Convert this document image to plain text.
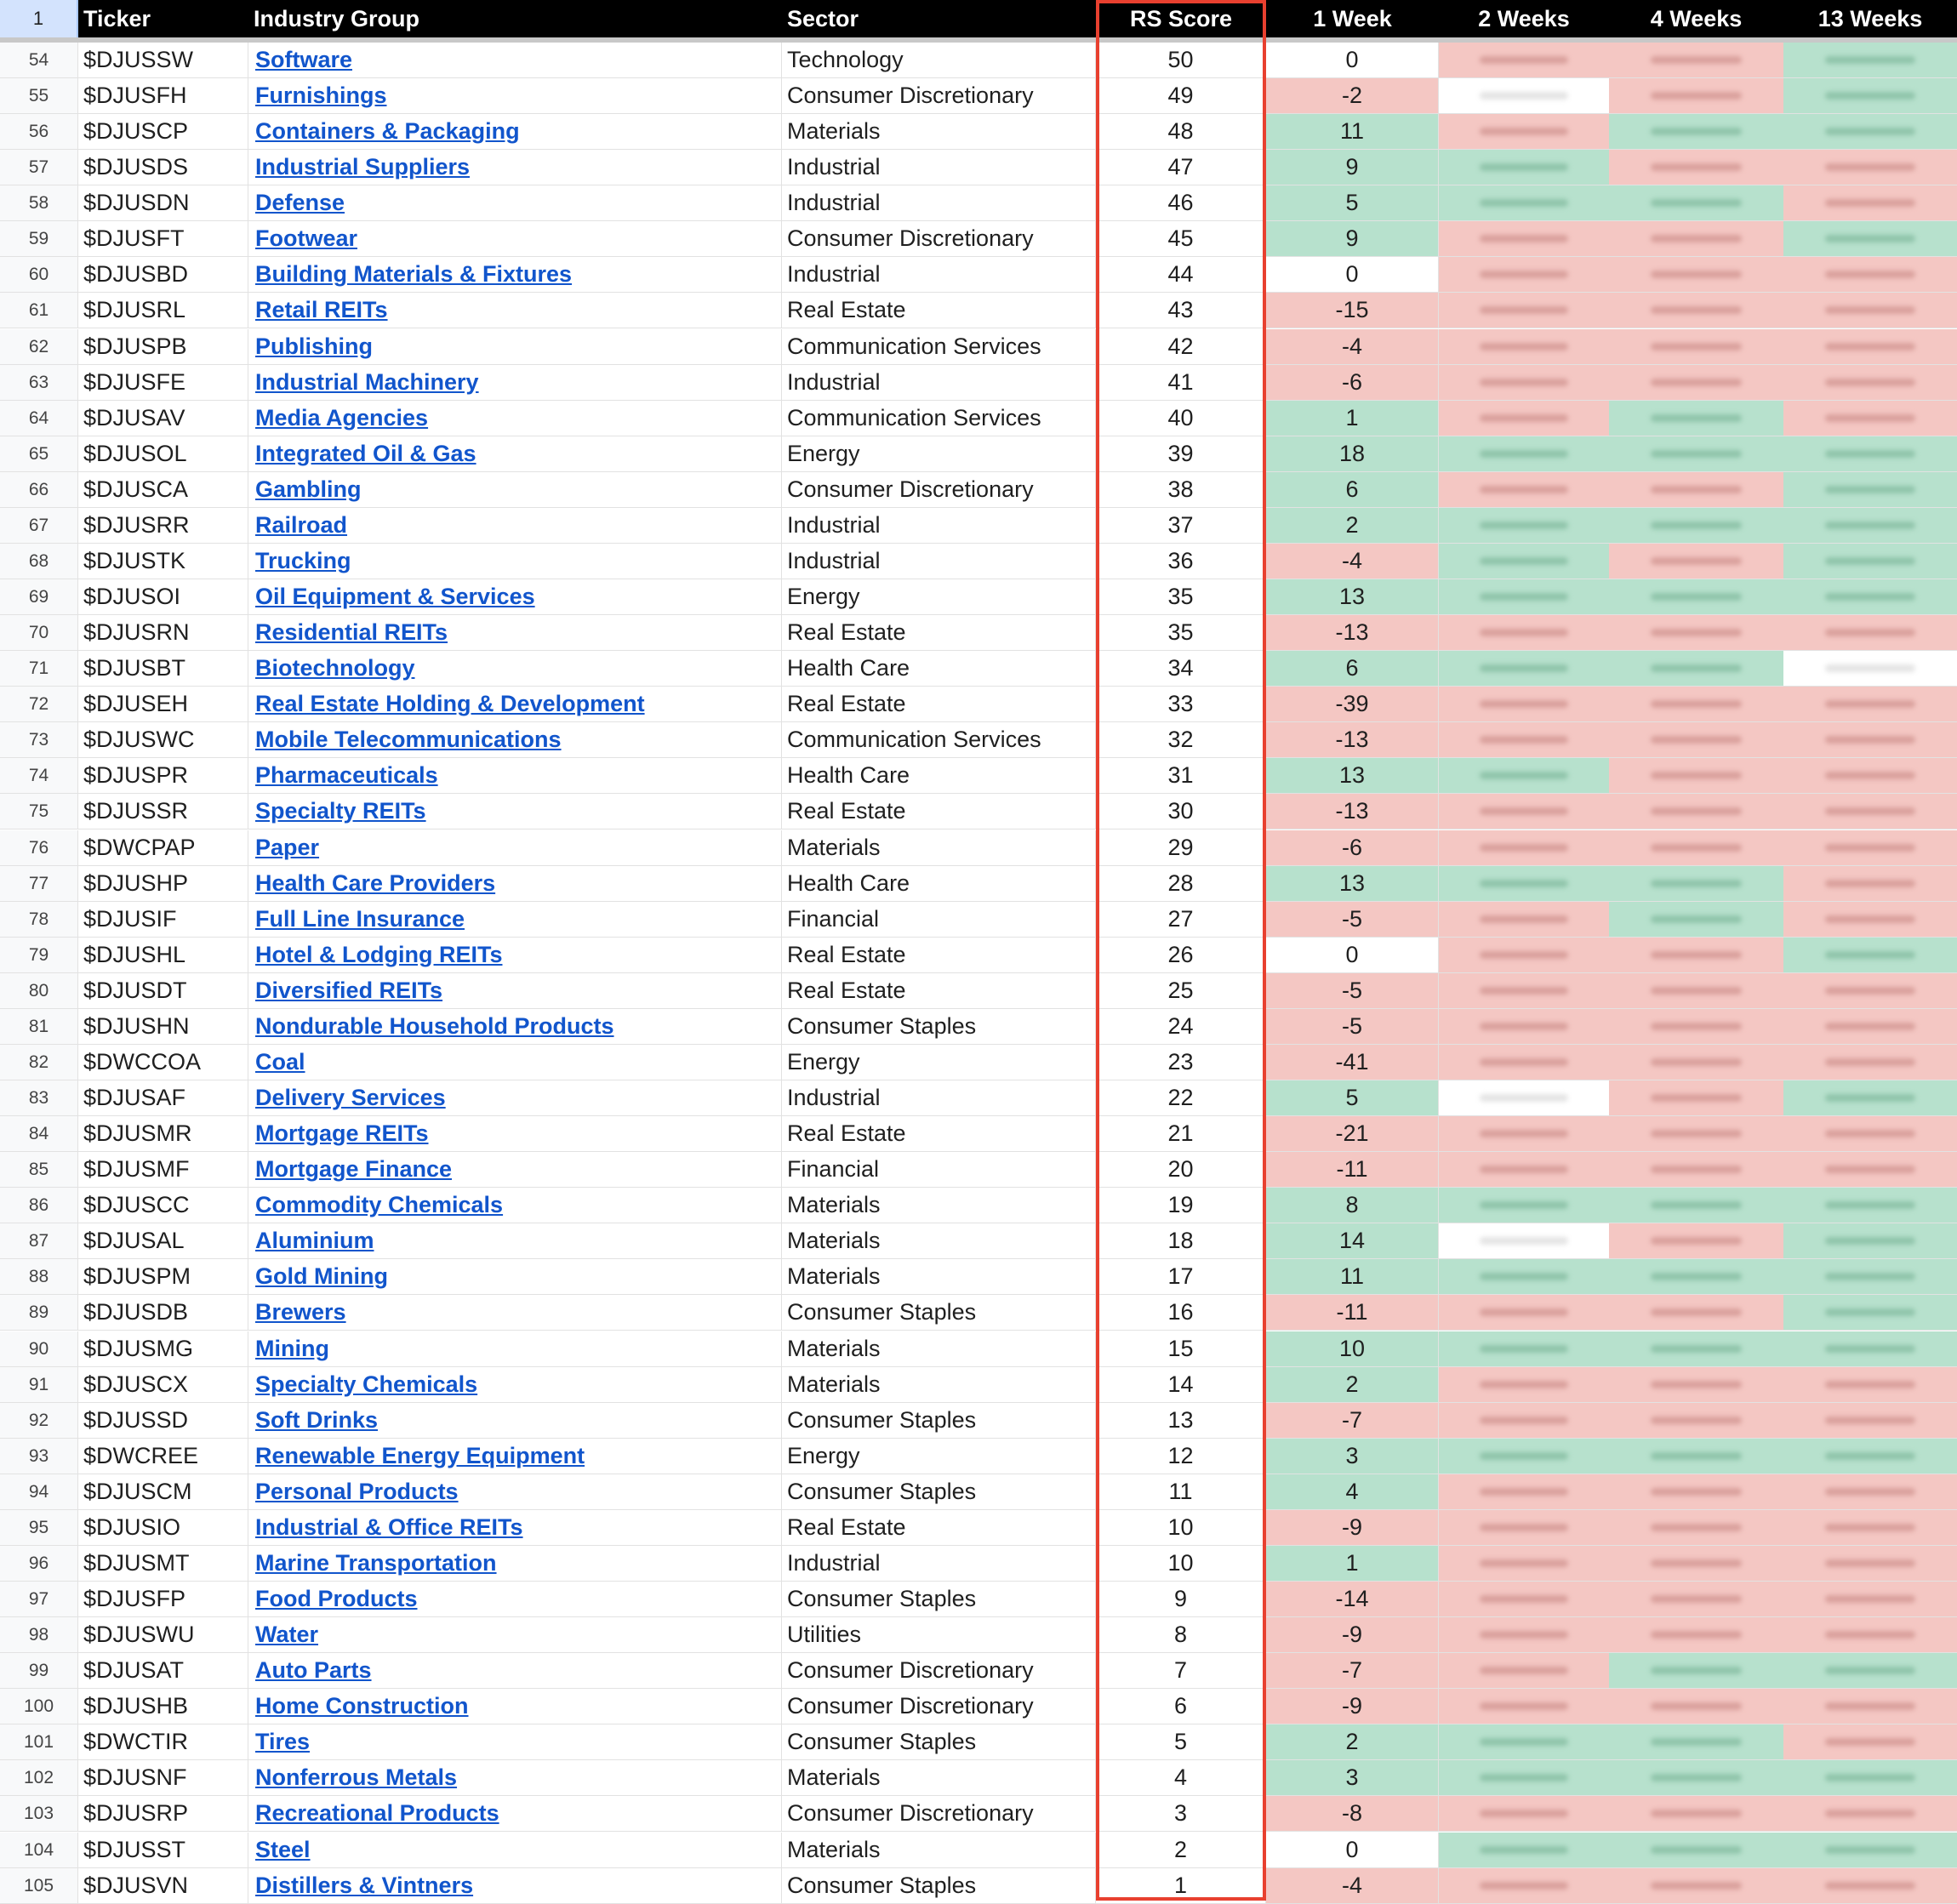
1	Ticker	Industry Group	Sector	RS Score	1 Week	2 Weeks	4 Weeks	13 Weeks
54	$DJUSSW	Software	Technology	50	0
55	$DJUSFH	Furnishings	Consumer Discretionary	49	-2
56	$DJUSCP	Containers & Packaging	Materials	48	11
57	$DJUSDS	Industrial Suppliers	Industrial	47	9
58	$DJUSDN	Defense	Industrial	46	5
59	$DJUSFT	Footwear	Consumer Discretionary	45	9
60	$DJUSBD	Building Materials & Fixtures	Industrial	44	0
61	$DJUSRL	Retail REITs	Real Estate	43	-15
62	$DJUSPB	Publishing	Communication Services	42	-4
63	$DJUSFE	Industrial Machinery	Industrial	41	-6
64	$DJUSAV	Media Agencies	Communication Services	40	1
65	$DJUSOL	Integrated Oil & Gas	Energy	39	18
66	$DJUSCA	Gambling	Consumer Discretionary	38	6
67	$DJUSRR	Railroad	Industrial	37	2
68	$DJUSTK	Trucking	Industrial	36	-4
69	$DJUSOI	Oil Equipment & Services	Energy	35	13
70	$DJUSRN	Residential REITs	Real Estate	35	-13
71	$DJUSBT	Biotechnology	Health Care	34	6
72	$DJUSEH	Real Estate Holding & Development	Real Estate	33	-39
73	$DJUSWC	Mobile Telecommunications	Communication Services	32	-13
74	$DJUSPR	Pharmaceuticals	Health Care	31	13
75	$DJUSSR	Specialty REITs	Real Estate	30	-13
76	$DWCPAP	Paper	Materials	29	-6
77	$DJUSHP	Health Care Providers	Health Care	28	13
78	$DJUSIF	Full Line Insurance	Financial	27	-5
79	$DJUSHL	Hotel & Lodging REITs	Real Estate	26	0
80	$DJUSDT	Diversified REITs	Real Estate	25	-5
81	$DJUSHN	Nondurable Household Products	Consumer Staples	24	-5
82	$DWCCOA	Coal	Energy	23	-41
83	$DJUSAF	Delivery Services	Industrial	22	5
84	$DJUSMR	Mortgage REITs	Real Estate	21	-21
85	$DJUSMF	Mortgage Finance	Financial	20	-11
86	$DJUSCC	Commodity Chemicals	Materials	19	8
87	$DJUSAL	Aluminium	Materials	18	14
88	$DJUSPM	Gold Mining	Materials	17	11
89	$DJUSDB	Brewers	Consumer Staples	16	-11
90	$DJUSMG	Mining	Materials	15	10
91	$DJUSCX	Specialty Chemicals	Materials	14	2
92	$DJUSSD	Soft Drinks	Consumer Staples	13	-7
93	$DWCREE	Renewable Energy Equipment	Energy	12	3
94	$DJUSCM	Personal Products	Consumer Staples	11	4
95	$DJUSIO	Industrial & Office REITs	Real Estate	10	-9
96	$DJUSMT	Marine Transportation	Industrial	10	1
97	$DJUSFP	Food Products	Consumer Staples	9	-14
98	$DJUSWU	Water	Utilities	8	-9
99	$DJUSAT	Auto Parts	Consumer Discretionary	7	-7
100	$DJUSHB	Home Construction	Consumer Discretionary	6	-9
101	$DWCTIR	Tires	Consumer Staples	5	2
102	$DJUSNF	Nonferrous Metals	Materials	4	3
103	$DJUSRP	Recreational Products	Consumer Discretionary	3	-8
104	$DJUSST	Steel	Materials	2	0
105	$DJUSVN	Distillers & Vintners	Consumer Staples	1	-4
